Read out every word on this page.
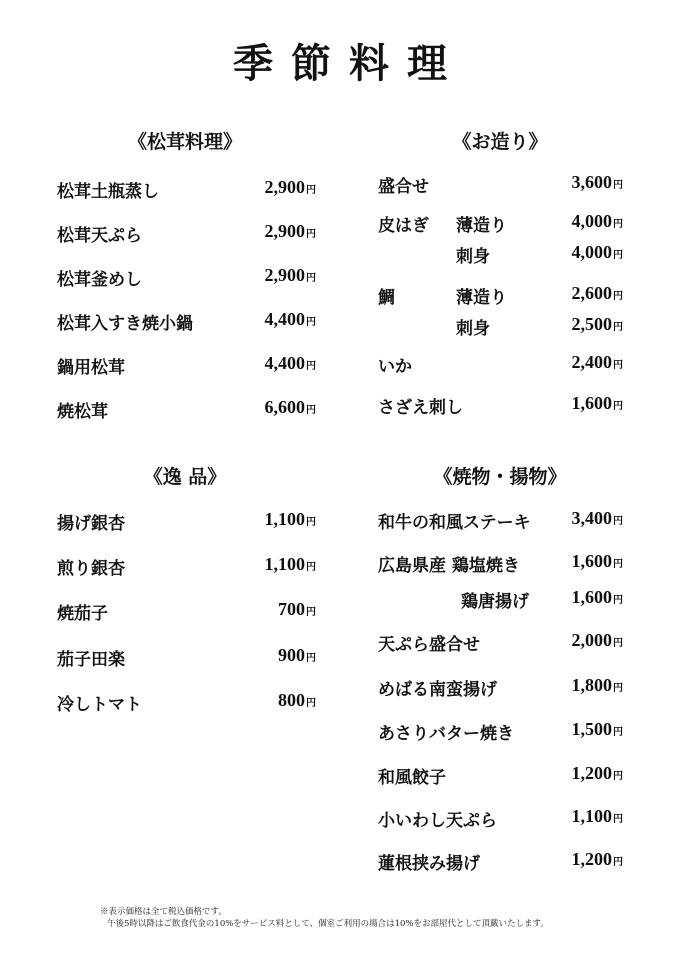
季節料理
《松茸料理》
松茸土瓶蒸し	2,900円
松茸天ぷら	2,900円
松茸釜めし	2,900円
松茸入すき焼小鍋	4,400円
鍋用松茸	4,400円
焼松茸	6,600円
《お造り》
盛合せ	3,600円
皮はぎ 薄造り	4,000円
刺身	4,000円
鯛	薄造り	2,600円
刺身	2,500円
いか	2,400円
さざえ刺し	1,600円
《逸 品》
揚げ銀杏	1,100円
煎り銀杏	1,100円
焼茄子	700円
茄子田楽	900円
冷しトマト	800円
《焼物・揚物》
和牛の和風ステーキ	3,400円
広島県産 鶏塩焼き	1,600円
鶏唐揚げ	1,600円
天ぷら盛合せ	2,000円
めばる南蛮揚げ	1,800円
あさりバター焼き	1,500円
和風餃子	1,200円
小いわし天ぷら	1,100円
蓮根挟み揚げ	1,200円
※表示価格は全て税込価格です。
午後5時以降はご飲食代金の10%をサービス料として、個室ご利用の場合は10%をお部屋代として頂戴いたします。
